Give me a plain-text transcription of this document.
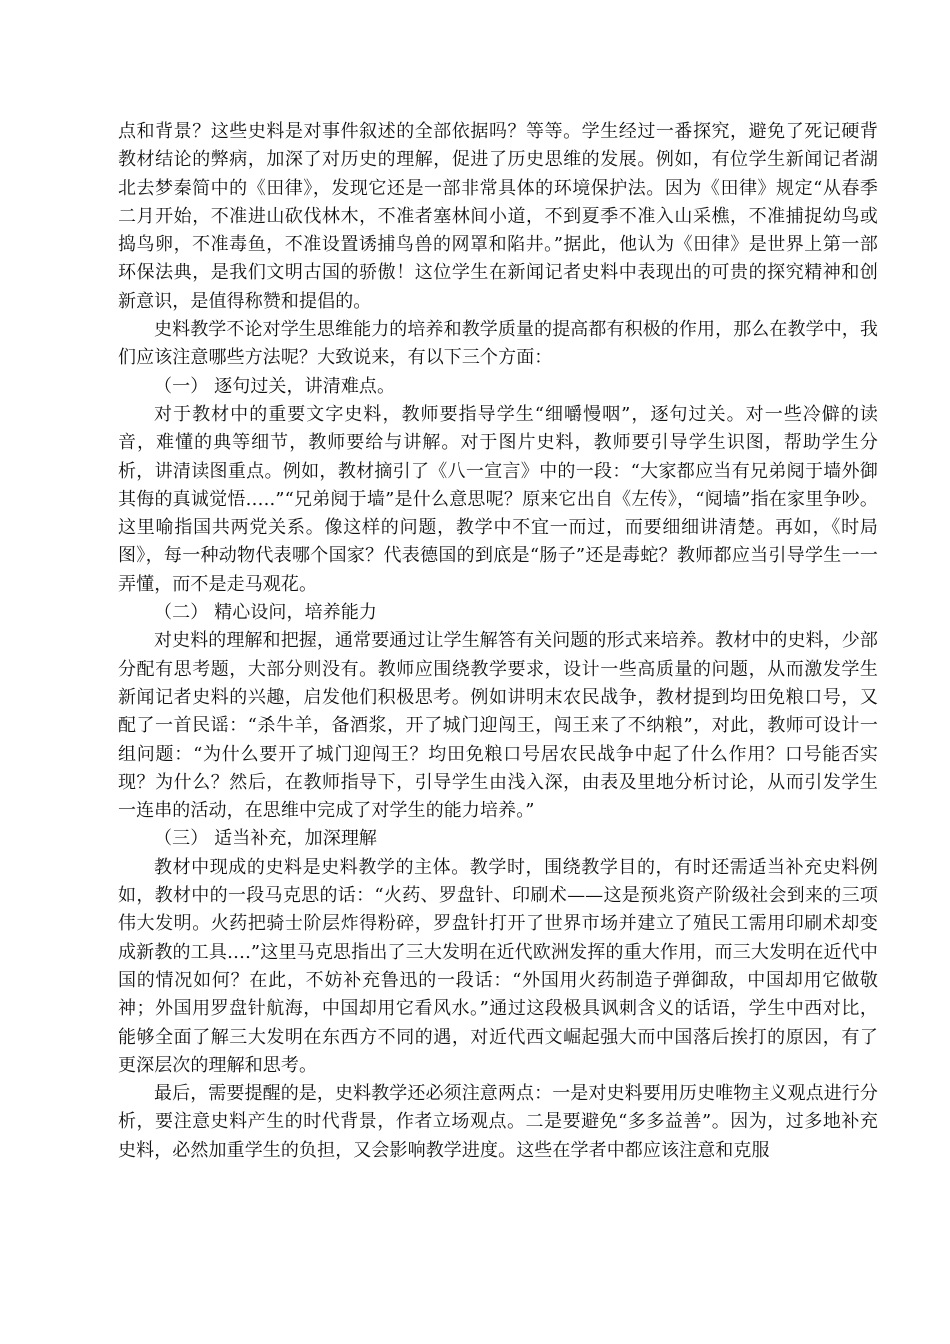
点和背景？这些史料是对事件叙述的全部依据吗？等等。学生经过一番探究，避免了死记硬背教材结论的弊病，加深了对历史的理解，促进了历史思维的发展。例如，有位学生新闻记者湖北去梦秦简中的《田律》，发现它还是一部非常具体的环境保护法。因为《田律》规定“从春季二月开始，不准进山砍伐林木，不准者塞林间小道，不到夏季不准入山采樵，不准捕捉幼鸟或捣鸟卵，不准毒鱼，不准设置诱捕鸟兽的网罩和陷井。”据此，他认为《田律》是世界上第一部环保法典，是我们文明古国的骄傲！这位学生在新闻记者史料中表现出的可贵的探究精神和创新意识，是值得称赞和提倡的。

史料教学不论对学生思维能力的培养和教学质量的提高都有积极的作用，那么在教学中，我们应该注意哪些方法呢？大致说来，有以下三个方面：

（一） 逐句过关，讲清难点。

对于教材中的重要文字史料，教师要指导学生“细嚼慢咽”，逐句过关。对一些冷僻的读音，难懂的典等细节，教师要给与讲解。对于图片史料，教师要引导学生识图，帮助学生分析，讲清读图重点。例如，教材摘引了《八一宣言》中的一段：“大家都应当有兄弟阋于墙外御其侮的真诚觉悟…..”“兄弟阋于墙”是什么意思呢？原来它出自《左传》，“阋墙”指在家里争吵。这里喻指国共两党关系。像这样的问题，教学中不宜一而过，而要细细讲清楚。再如，《时局图》，每一种动物代表哪个国家？代表德国的到底是“肠子”还是毒蛇？教师都应当引导学生一一弄懂，而不是走马观花。

（二） 精心设问，培养能力

对史料的理解和把握，通常要通过让学生解答有关问题的形式来培养。教材中的史料，少部分配有思考题，大部分则没有。教师应围绕教学要求，设计一些高质量的问题，从而激发学生新闻记者史料的兴趣，启发他们积极思考。例如讲明末农民战争，教材提到均田免粮口号，又配了一首民谣：“杀牛羊，备酒浆，开了城门迎闯王，闯王来了不纳粮”，对此，教师可设计一组问题：“为什么要开了城门迎闯王？均田免粮口号居农民战争中起了什么作用？口号能否实现？为什么？然后，在教师指导下，引导学生由浅入深，由表及里地分析讨论，从而引发学生一连串的活动，在思维中完成了对学生的能力培养。”

（三） 适当补充，加深理解

教材中现成的史料是史料教学的主体。教学时，围绕教学目的，有时还需适当补充史料例如，教材中的一段马克思的话：“火药、罗盘针、印刷术——这是预兆资产阶级社会到来的三项伟大发明。火药把骑士阶层炸得粉碎，罗盘针打开了世界市场并建立了殖民工需用印刷术却变成新教的工具….”这里马克思指出了三大发明在近代欧洲发挥的重大作用，而三大发明在近代中国的情况如何？在此，不妨补充鲁迅的一段话：“外国用火药制造子弹御敌，中国却用它做敬神；外国用罗盘针航海，中国却用它看风水。”通过这段极具讽刺含义的话语，学生中西对比，能够全面了解三大发明在东西方不同的遇，对近代西文崛起强大而中国落后挨打的原因，有了更深层次的理解和思考。

最后，需要提醒的是，史料教学还必须注意两点：一是对史料要用历史唯物主义观点进行分析，要注意史料产生的时代背景，作者立场观点。二是要避免“多多益善”。因为，过多地补充史料，必然加重学生的负担，又会影响教学进度。这些在学者中都应该注意和克服
